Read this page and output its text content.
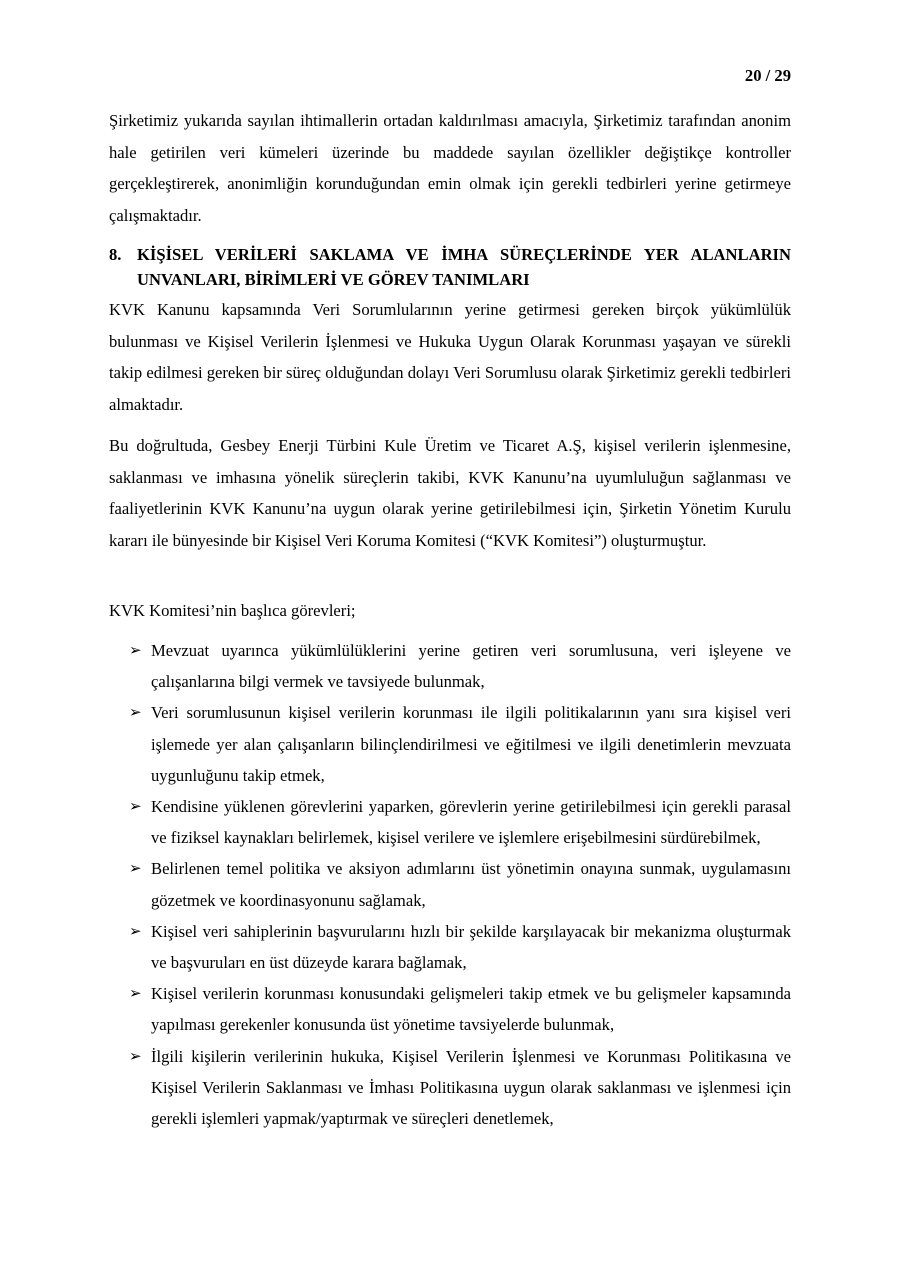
20 / 29

Şirketimiz yukarıda sayılan ihtimallerin ortadan kaldırılması amacıyla, Şirketimiz tarafından anonim hale getirilen veri kümeleri üzerinde bu maddede sayılan özellikler değiştikçe kontroller gerçekleştirerek, anonimliğin korunduğundan emin olmak için gerekli tedbirleri yerine getirmeye çalışmaktadır.

8. KİŞİSEL VERİLERİ SAKLAMA VE İMHA SÜREÇLERİNDE YER ALANLARIN UNVANLARI, BİRİMLERİ VE GÖREV TANIMLARI

KVK Kanunu kapsamında Veri Sorumlularının yerine getirmesi gereken birçok yükümlülük bulunması ve Kişisel Verilerin İşlenmesi ve Hukuka Uygun Olarak Korunması yaşayan ve sürekli takip edilmesi gereken bir süreç olduğundan dolayı Veri Sorumlusu olarak Şirketimiz gerekli tedbirleri almaktadır.

Bu doğrultuda, Gesbey Enerji Türbini Kule Üretim ve Ticaret A.Ş, kişisel verilerin işlenmesine, saklanması ve imhasına yönelik süreçlerin takibi, KVK Kanunu’na uyumluluğun sağlanması ve faaliyetlerinin KVK Kanunu’na uygun olarak yerine getirilebilmesi için, Şirketin Yönetim Kurulu kararı ile bünyesinde bir Kişisel Veri Koruma Komitesi (“KVK Komitesi”) oluşturmuştur.

KVK Komitesi’nin başlıca görevleri;

➢ Mevzuat uyarınca yükümlülüklerini yerine getiren veri sorumlusuna, veri işleyene ve çalışanlarına bilgi vermek ve tavsiyede bulunmak,
➢ Veri sorumlusunun kişisel verilerin korunması ile ilgili politikalarının yanı sıra kişisel veri işlemede yer alan çalışanların bilinçlendirilmesi ve eğitilmesi ve ilgili denetimlerin mevzuata uygunluğunu takip etmek,
➢ Kendisine yüklenen görevlerini yaparken, görevlerin yerine getirilebilmesi için gerekli parasal ve fiziksel kaynakları belirlemek, kişisel verilere ve işlemlere erişebilmesini sürdürebilmek,
➢ Belirlenen temel politika ve aksiyon adımlarını üst yönetimin onayına sunmak, uygulamasını gözetmek ve koordinasyonunu sağlamak,
➢ Kişisel veri sahiplerinin başvurularını hızlı bir şekilde karşılayacak bir mekanizma oluşturmak ve başvuruları en üst düzeyde karara bağlamak,
➢ Kişisel verilerin korunması konusundaki gelişmeleri takip etmek ve bu gelişmeler kapsamında yapılması gerekenler konusunda üst yönetime tavsiyelerde bulunmak,
➢ İlgili kişilerin verilerinin hukuka, Kişisel Verilerin İşlenmesi ve Korunması Politikasına ve Kişisel Verilerin Saklanması ve İmhası Politikasına uygun olarak saklanması ve işlenmesi için gerekli işlemleri yapmak/yaptırmak ve süreçleri denetlemek,
